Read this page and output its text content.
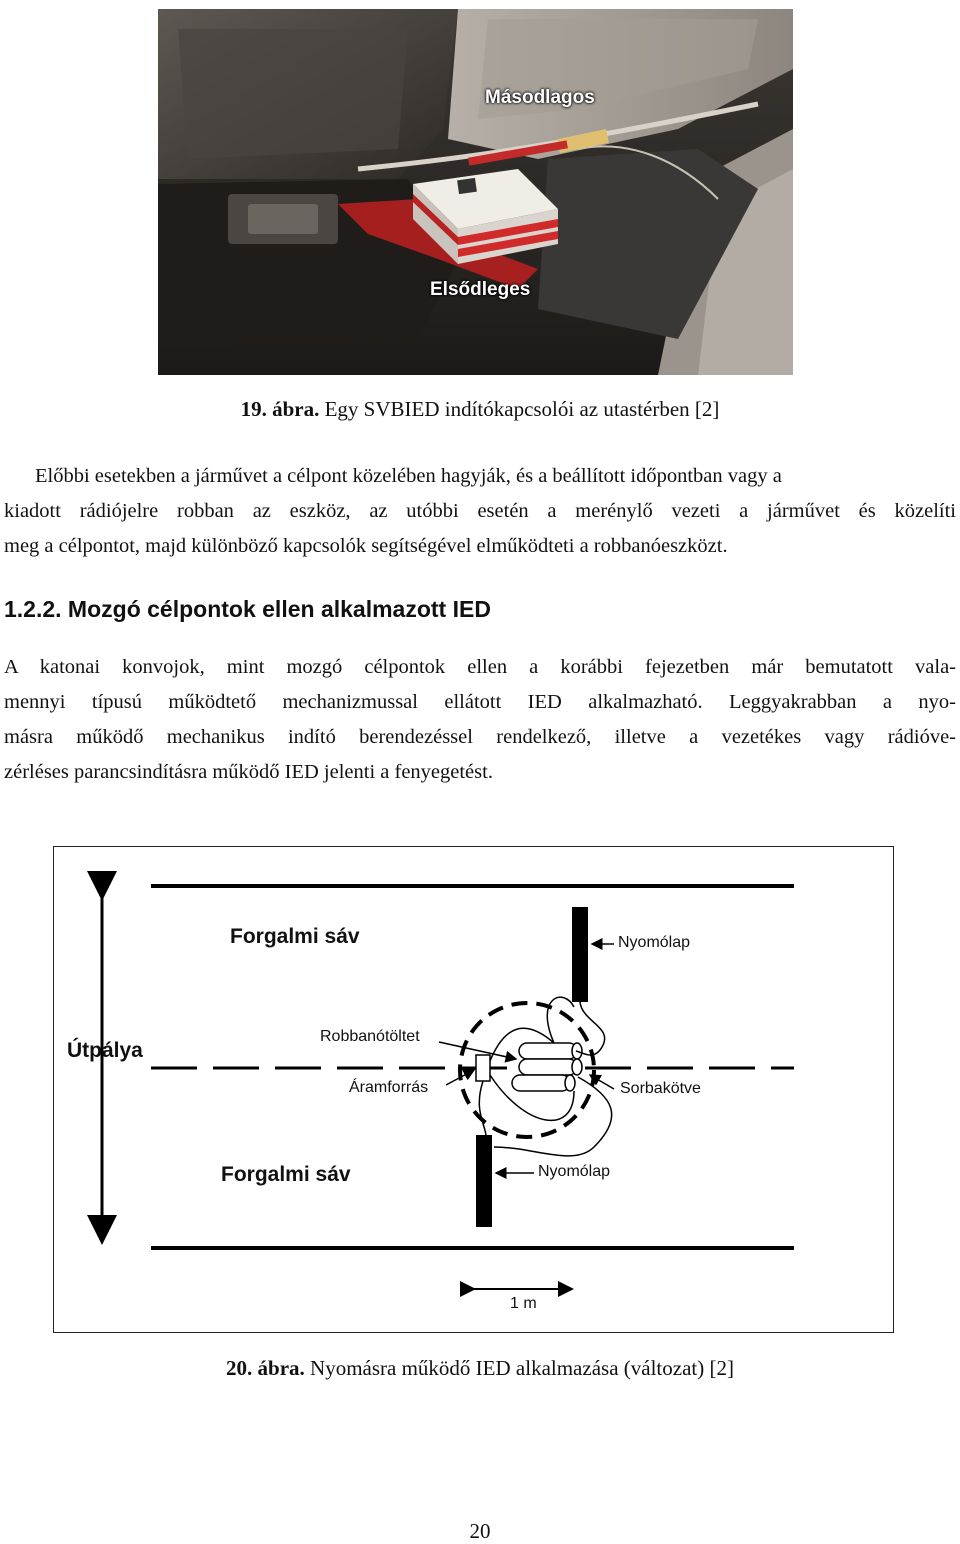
Másodlagos
Elsődleges
19. ábra. Egy SVBIED indítókapcsolói az utastérben [2]
Előbbi esetekben a járművet a célpont közelében hagyják, és a beállított időpontban vagy a
kiadott rádiójelre robban az eszköz, az utóbbi esetén a merénylő vezeti a járművet és közelíti
meg a célpontot, majd különböző kapcsolók segítségével elműködteti a robbanóeszközt.
1.2.2. Mozgó célpontok ellen alkalmazott IED
A katonai konvojok, mint mozgó célpontok ellen a korábbi fejezetben már bemutatott vala-
mennyi típusú működtető mechanizmussal ellátott IED alkalmazható. Leggyakrabban a nyo-
másra működő mechanikus indító berendezéssel rendelkező, illetve a vezetékes vagy rádióve-
zérléses parancsindításra működő IED jelenti a fenyegetést.
Forgalmi sáv
Forgalmi sáv
Útpálya
Nyomólap
Nyomólap
Robbanótöltet
Áramforrás	Sorbakötve
1 m
20. ábra. Nyomásra működő IED alkalmazása (változat) [2]
20
